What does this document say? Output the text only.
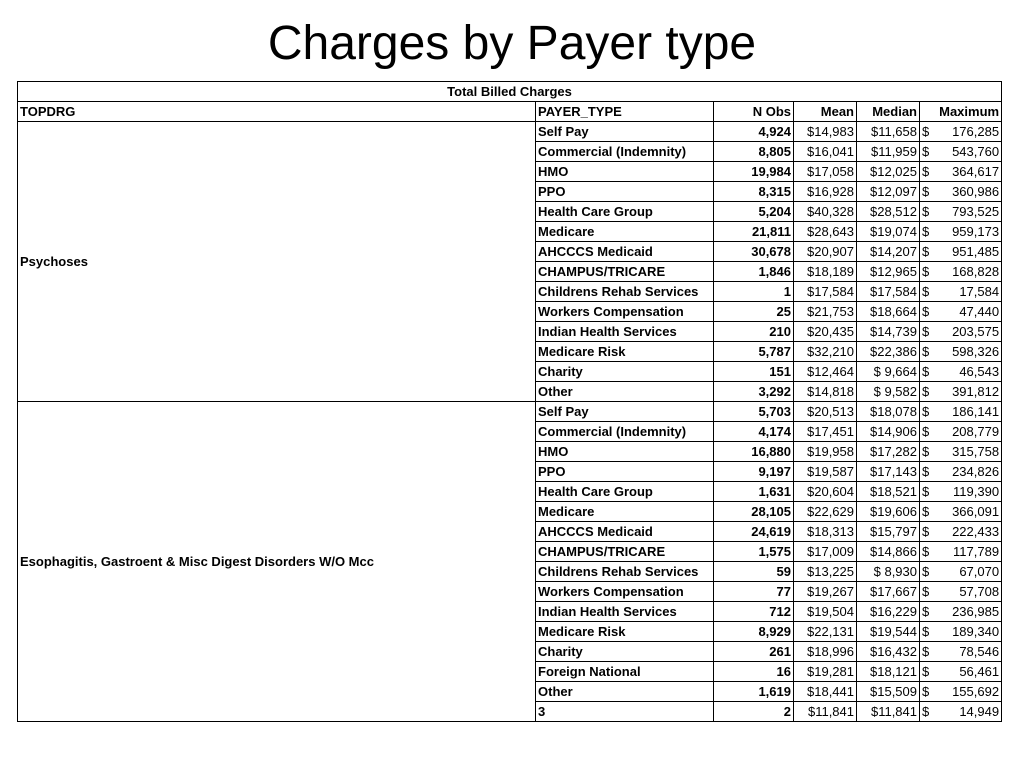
Charges by Payer type
Total Billed Charges					
TOPDRG	PAYER_TYPE	N Obs	Mean	Median	Maximum
Psychoses	Self Pay	4,924	$14,983	$11,658	$ 176,285

	Commercial (Indemnity)	8,805	$16,041	$11,959	$ 543,760

	HMO	19,984	$17,058	$12,025	$ 364,617

	PPO	8,315	$16,928	$12,097	$ 360,986

	Health Care Group	5,204	$40,328	$28,512	$ 793,525

	Medicare	21,811	$28,643	$19,074	$ 959,173

	AHCCCS Medicaid	30,678	$20,907	$14,207	$ 951,485

	CHAMPUS/TRICARE	1,846	$18,189	$12,965	$ 168,828

	Childrens Rehab Services	1	$17,584	$17,584	$ 17,584

	Workers Compensation	25	$21,753	$18,664	$ 47,440

	Indian Health Services	210	$20,435	$14,739	$ 203,575

	Medicare Risk	5,787	$32,210	$22,386	$ 598,326

	Charity	151	$12,464	$ 9,664	$ 46,543

	Other	3,292	$14,818	$ 9,582	$ 391,812

Esophagitis, Gastroent & Misc Digest Disorders W/O Mcc	Self Pay	5,703	$20,513	$18,078	$ 186,141

	Commercial (Indemnity)	4,174	$17,451	$14,906	$ 208,779

	HMO	16,880	$19,958	$17,282	$ 315,758

	PPO	9,197	$19,587	$17,143	$ 234,826

	Health Care Group	1,631	$20,604	$18,521	$ 119,390

	Medicare	28,105	$22,629	$19,606	$ 366,091

	AHCCCS Medicaid	24,619	$18,313	$15,797	$ 222,433

	CHAMPUS/TRICARE	1,575	$17,009	$14,866	$ 117,789

	Childrens Rehab Services	59	$13,225	$ 8,930	$ 67,070

	Workers Compensation	77	$19,267	$17,667	$ 57,708

	Indian Health Services	712	$19,504	$16,229	$ 236,985

	Medicare Risk	8,929	$22,131	$19,544	$ 189,340

	Charity	261	$18,996	$16,432	$ 78,546

	Foreign National	16	$19,281	$18,121	$ 56,461

	Other	1,619	$18,441	$15,509	$ 155,692

	3	2	$11,841	$11,841	$ 14,949
